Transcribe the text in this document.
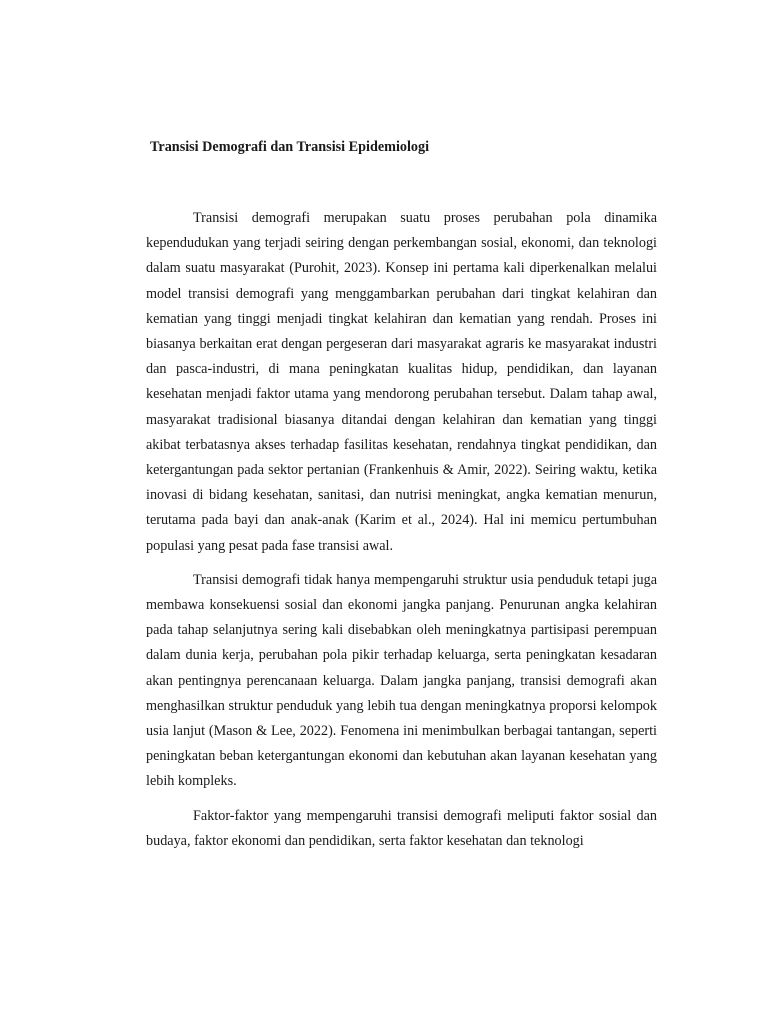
Transisi Demografi dan Transisi Epidemiologi

Transisi demografi merupakan suatu proses perubahan pola dinamika kependudukan yang terjadi seiring dengan perkembangan sosial, ekonomi, dan teknologi dalam suatu masyarakat (Purohit, 2023). Konsep ini pertama kali diperkenalkan melalui model transisi demografi yang menggambarkan perubahan dari tingkat kelahiran dan kematian yang tinggi menjadi tingkat kelahiran dan kematian yang rendah. Proses ini biasanya berkaitan erat dengan pergeseran dari masyarakat agraris ke masyarakat industri dan pasca-industri, di mana peningkatan kualitas hidup, pendidikan, dan layanan kesehatan menjadi faktor utama yang mendorong perubahan tersebut. Dalam tahap awal, masyarakat tradisional biasanya ditandai dengan kelahiran dan kematian yang tinggi akibat terbatasnya akses terhadap fasilitas kesehatan, rendahnya tingkat pendidikan, dan ketergantungan pada sektor pertanian (Frankenhuis & Amir, 2022). Seiring waktu, ketika inovasi di bidang kesehatan, sanitasi, dan nutrisi meningkat, angka kematian menurun, terutama pada bayi dan anak-anak (Karim et al., 2024). Hal ini memicu pertumbuhan populasi yang pesat pada fase transisi awal.

Transisi demografi tidak hanya mempengaruhi struktur usia penduduk tetapi juga membawa konsekuensi sosial dan ekonomi jangka panjang. Penurunan angka kelahiran pada tahap selanjutnya sering kali disebabkan oleh meningkatnya partisipasi perempuan dalam dunia kerja, perubahan pola pikir terhadap keluarga, serta peningkatan kesadaran akan pentingnya perencanaan keluarga. Dalam jangka panjang, transisi demografi akan menghasilkan struktur penduduk yang lebih tua dengan meningkatnya proporsi kelompok usia lanjut (Mason & Lee, 2022). Fenomena ini menimbulkan berbagai tantangan, seperti peningkatan beban ketergantungan ekonomi dan kebutuhan akan layanan kesehatan yang lebih kompleks.

Faktor-faktor yang mempengaruhi transisi demografi meliputi faktor sosial dan budaya, faktor ekonomi dan pendidikan, serta faktor kesehatan dan teknologi
